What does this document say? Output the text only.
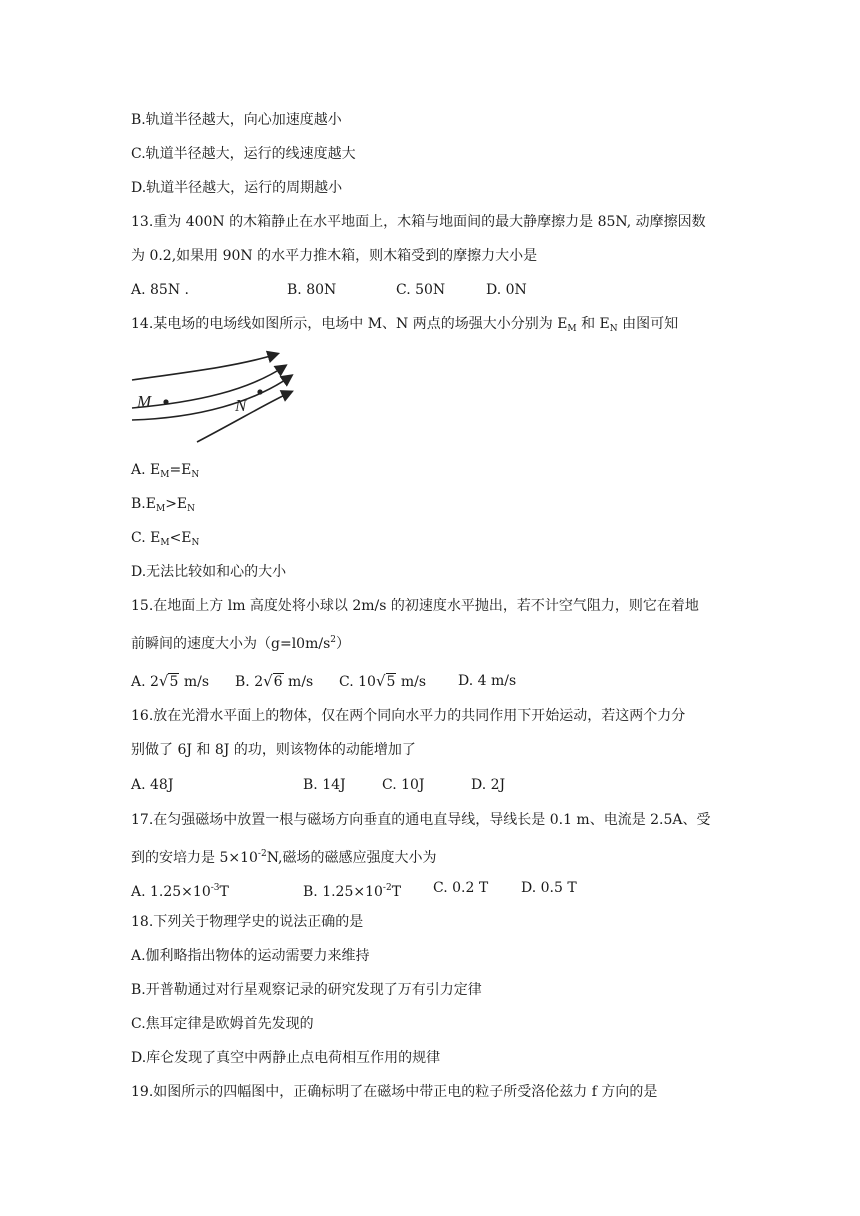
B.轨道半径越大，向心加速度越小
C.轨道半径越大，运行的线速度越大
D.轨道半径越大，运行的周期越小
13.重为 400N 的木箱静止在水平地面上，木箱与地面间的最大静摩擦力是 85N, 动摩擦因数
为 0.2,如果用 90N 的水平力推木箱，则木箱受到的摩擦力大小是
A. 85N .	B. 80N	C. 50N	D. 0N
14.某电场的电场线如图所示，电场中 M、N 两点的场强大小分别为 $E_M$ 和 $E_N$ 由图可知
M	N
A. $E_M=E_N$
$B.E_M>E_N$
C. $E_M<E_N$
D.无法比较如和心的大小
15.在地面上方 lm 高度处将小球以 2m/s 的初速度水平抛出，若不计空气阻力，则它在着地
前瞬间的速度大小为$(g=l0m/s^2)$
A. 2√5 m/s B. 2√6 m/s C. 10√5 m/s D. 4 m/s
16.放在光滑水平面上的物体，仅在两个同向水平力的共同作用下开始运动，若这两个力分
别做了 6J 和 8J 的功，则该物体的动能增加了
A. 48J	B. 14J	C. 10J	D. 2J
17.在匀强磁场中放置一根与磁场方向垂直的通电直导线，导线长是 0.1 m、电流是 2.5A、受
到的安培力是 $5\times 10^{-2}N$,磁场的磁感应强度大小为
A. $1.25\times 10^{-3}T$	B. $1.25\times 10^{-2}T$ C. 0.2 T D. 0.5 T
18.下列关于物理学史的说法正确的是
A.伽利略指出物体的运动需要力来维持
B.开普勒通过对行星观察记录的研究发现了万有引力定律
C.焦耳定律是欧姆首先发现的
D.库仑发现了真空中两静止点电荷相互作用的规律
19.如图所示的四幅图中，正确标明了在磁场中带正电的粒子所受洛伦兹力 f 方向的是
